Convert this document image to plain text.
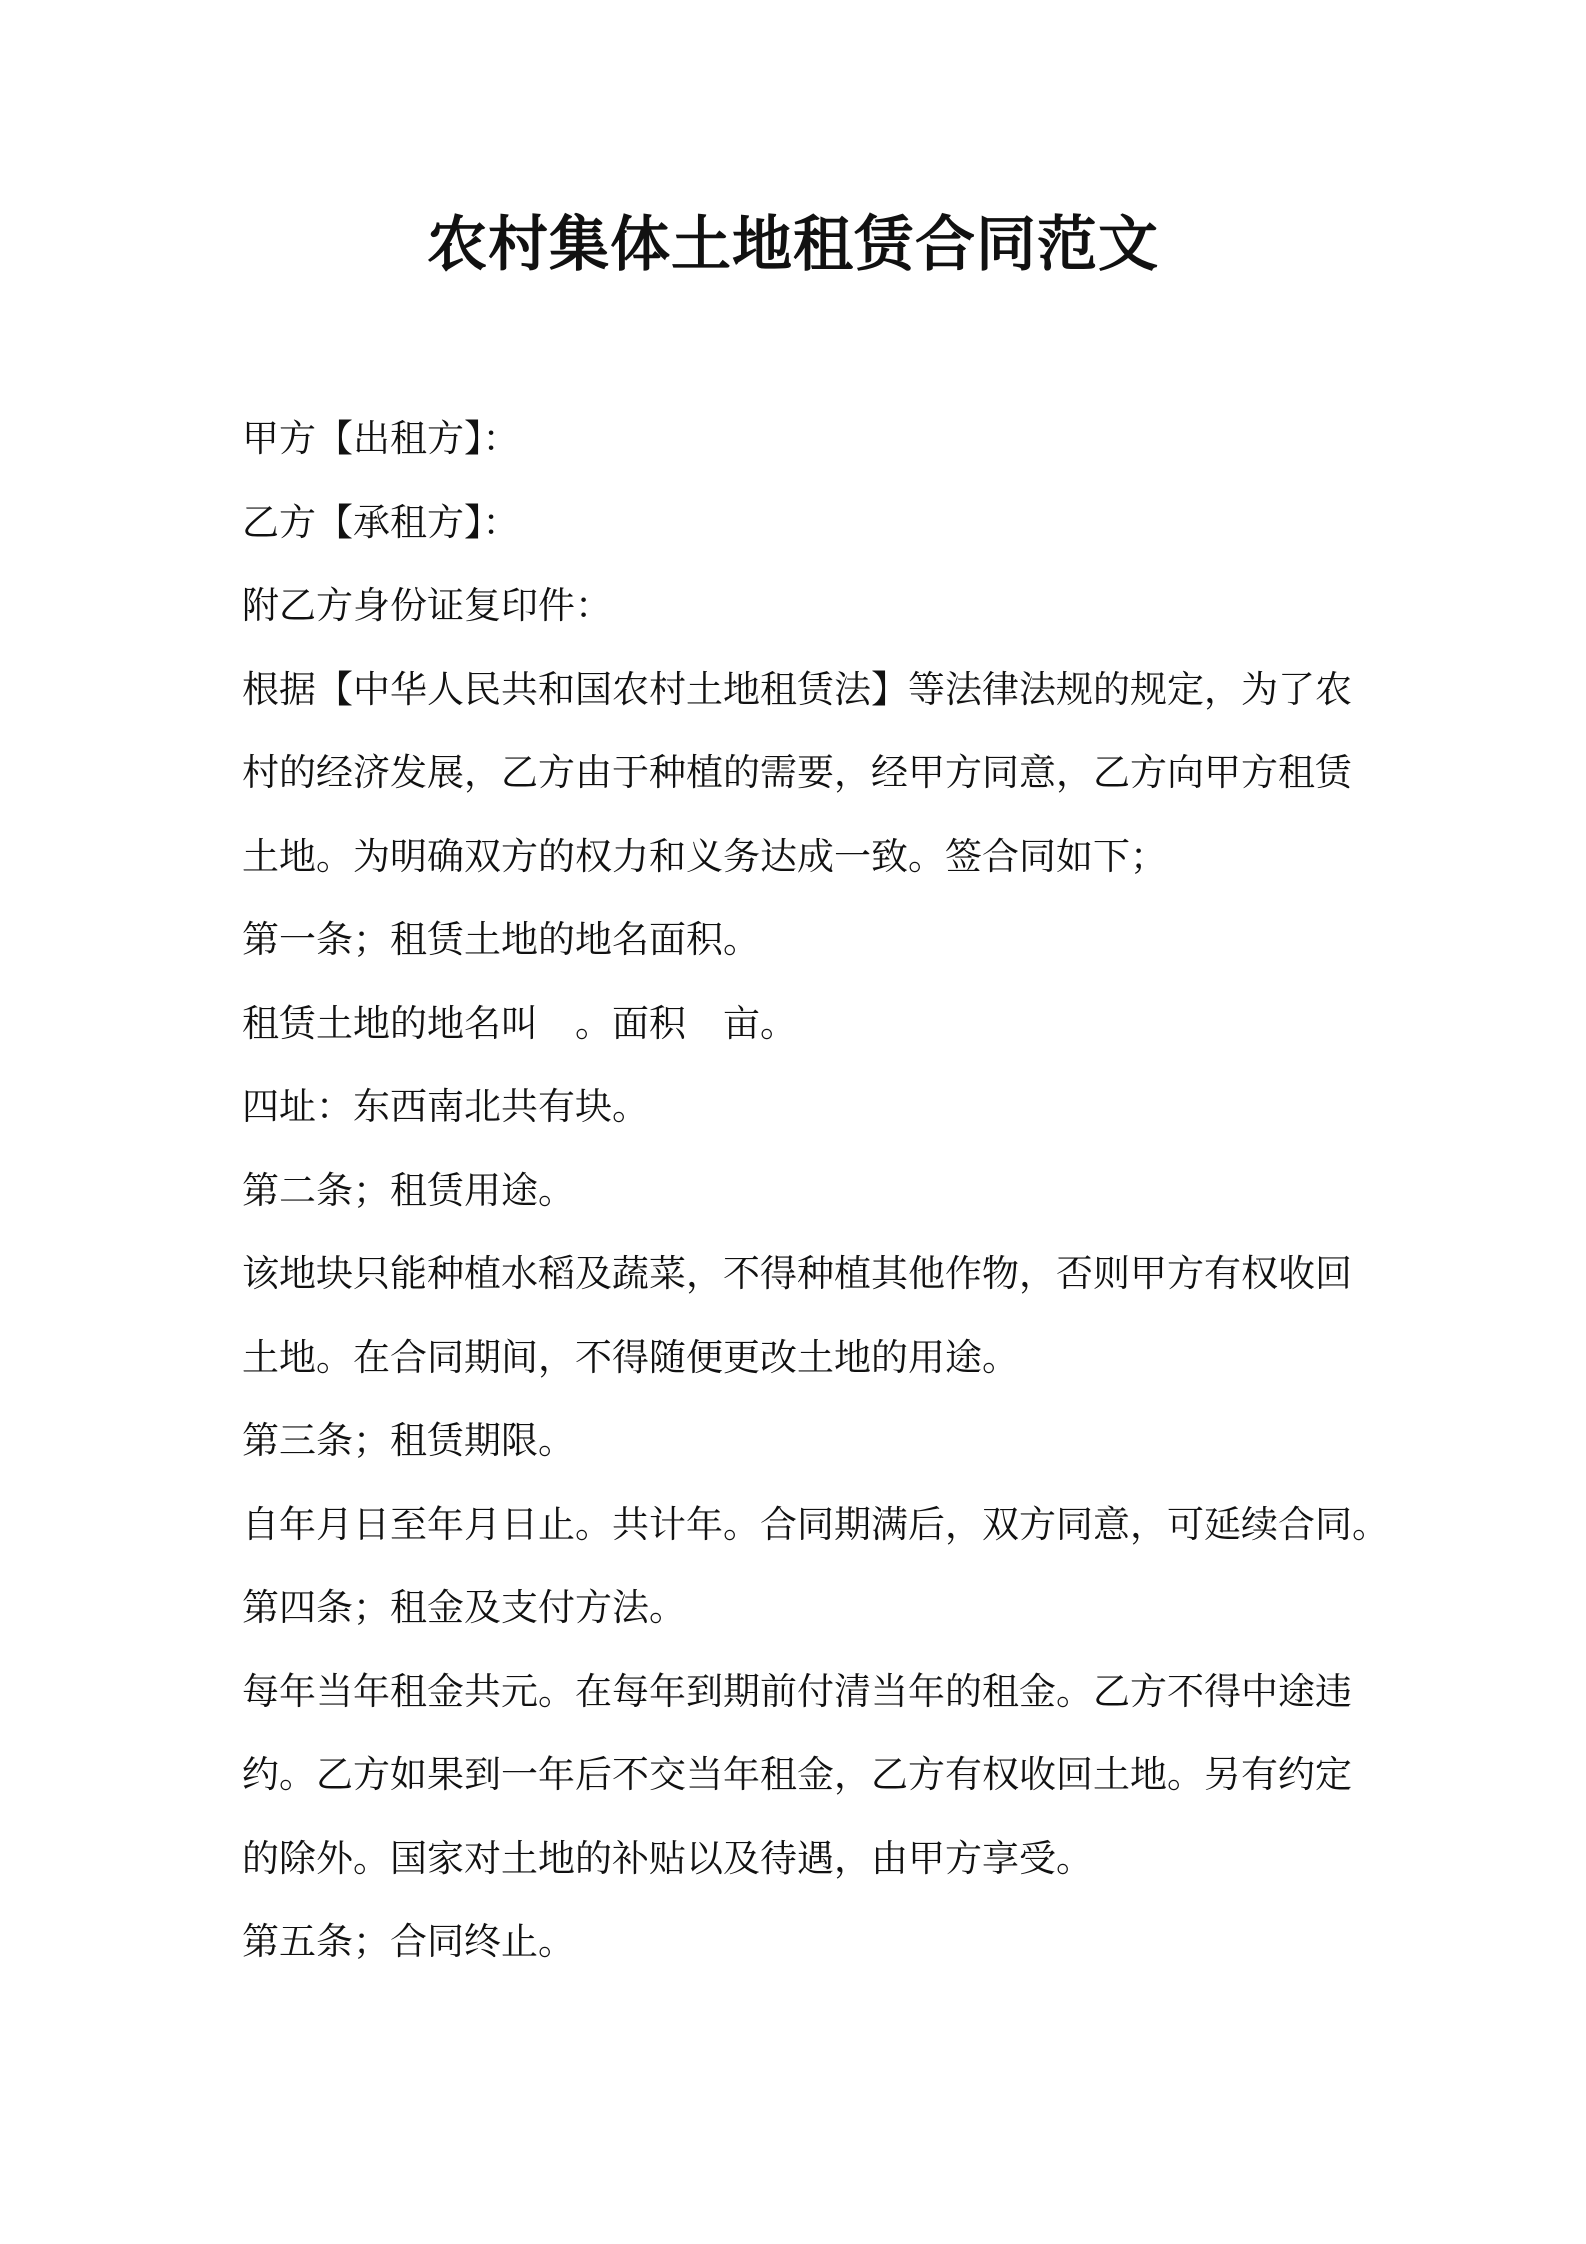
农村集体土地租赁合同范文

甲方【出租方】：

乙方【承租方】：

附乙方身份证复印件：

根据【中华人民共和国农村土地租赁法】等法律法规的规定，为了农

村的经济发展，乙方由于种植的需要，经甲方同意，乙方向甲方租赁

土地。为明确双方的权力和义务达成一致。签合同如下；

第一条；租赁土地的地名面积。

租赁土地的地名叫　。面积　亩。

四址：东西南北共有块。

第二条；租赁用途。

该地块只能种植水稻及蔬菜，不得种植其他作物，否则甲方有权收回

土地。在合同期间，不得随便更改土地的用途。

第三条；租赁期限。

自年月日至年月日止。共计年。合同期满后，双方同意，可延续合同。

第四条；租金及支付方法。

每年当年租金共元。在每年到期前付清当年的租金。乙方不得中途违

约。乙方如果到一年后不交当年租金，乙方有权收回土地。另有约定

的除外。国家对土地的补贴以及待遇，由甲方享受。

第五条；合同终止。
